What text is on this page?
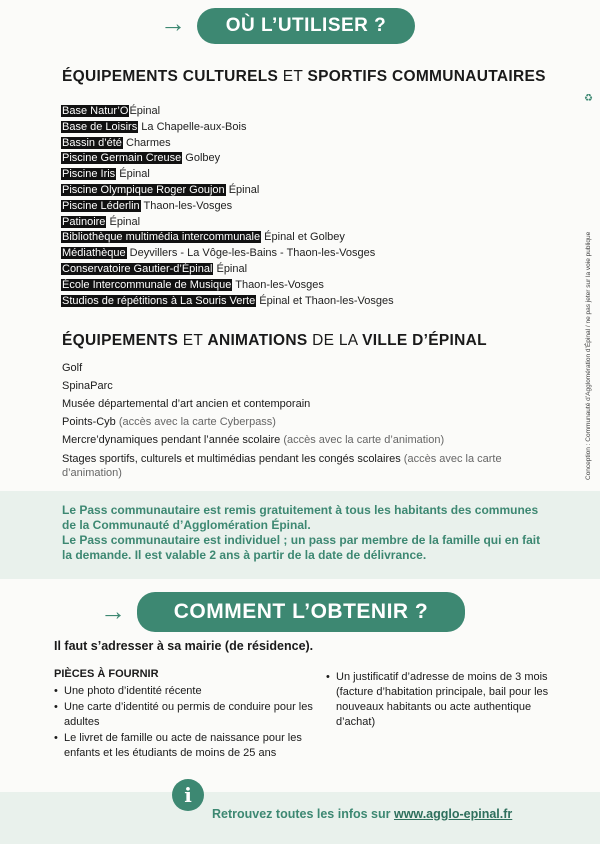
→	OÙ L’UTILISER ?
ÉQUIPEMENTS CULTURELS ET SPORTIFS COMMUNAUTAIRES
Base Natur’OÉpinal
Base de Loisirs La Chapelle-aux-Bois
Bassin d’été Charmes
Piscine Germain Creuse Golbey
Piscine Iris Épinal
Piscine Olympique Roger Goujon Épinal
Piscine Léderlin Thaon-les-Vosges
Patinoire Épinal
Bibliothèque multimédia intercommunale Épinal et Golbey
Médiathèque Deyvillers - La Vôge-les-Bains - Thaon-les-Vosges
Conservatoire Gautier-d’Épinal Épinal
École Intercommunale de Musique Thaon-les-Vosges
Studios de répétitions à La Souris Verte Épinal et Thaon-les-Vosges
ÉQUIPEMENTS ET ANIMATIONS DE LA VILLE D’ÉPINAL
Golf
SpinaParc
Musée départemental d’art ancien et contemporain
Points-Cyb (accès avec la carte Cyberpass)
Mercre’dynamiques pendant l’année scolaire (accès avec la carte d’animation)
Stages sportifs, culturels et multimédias pendant les congés scolaires (accès avec la carte d’animation)
Le Pass communautaire est remis gratuitement à tous les habitants des communes de la Communauté d’Agglomération Épinal.
Le Pass communautaire est individuel ; un pass par membre de la famille qui en fait la demande. Il est valable 2 ans à partir de la date de délivrance.
→	COMMENT L’OBTENIR ?
Il faut s’adresser à sa mairie (de résidence).
PIÈCES À FOURNIR
• Une photo d’identité récente
• Une carte d’identité ou permis de conduire pour les adultes
• Le livret de famille ou acte de naissance pour les enfants et les étudiants de moins de 25 ans
• Un justificatif d’adresse de moins de 3 mois (facture d’habitation principale, bail pour les nouveaux habitants ou acte authentique d’achat)
Retrouvez toutes les infos sur www.agglo-epinal.fr
i
♻
Conception : Communauté d’Agglomération d’Épinal / ne pas jeter sur la voie publique
